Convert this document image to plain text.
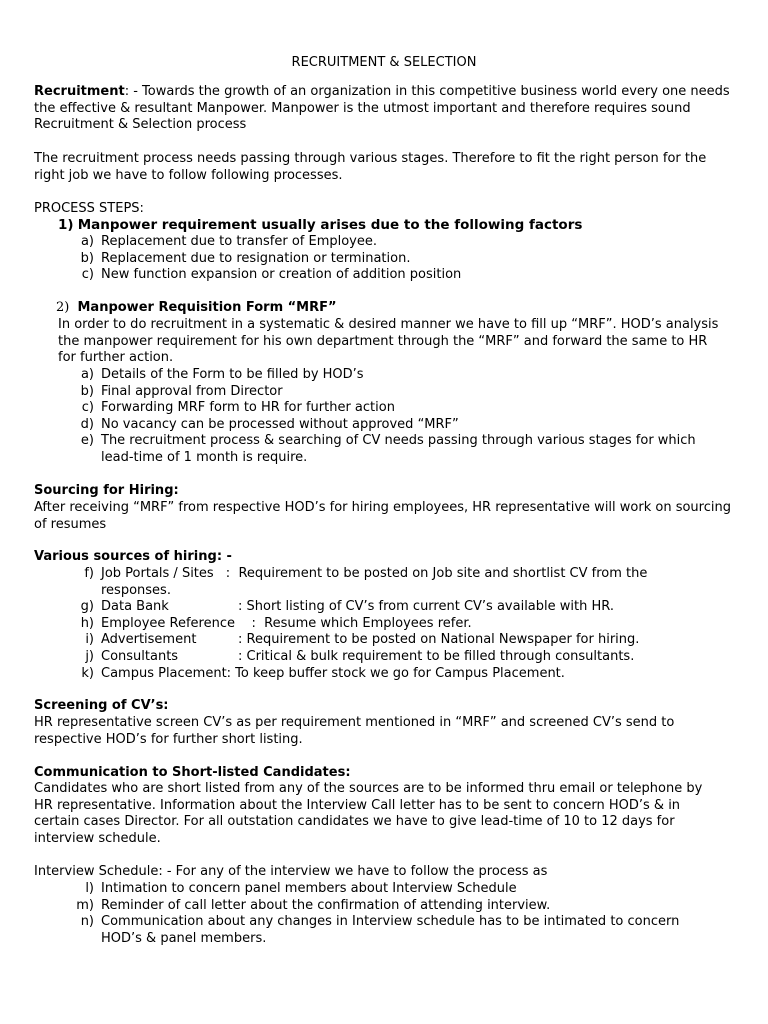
RECRUITMENT & SELECTION
Recruitment: - Towards the growth of an organization in this competitive business world every one needs the effective & resultant Manpower. Manpower is the utmost important and therefore requires sound Recruitment & Selection process
The recruitment process needs passing through various stages. Therefore to fit the right person for the right job we have to follow following processes.
PROCESS STEPS:
1) Manpower requirement usually arises due to the following factors
a) Replacement due to transfer of Employee.
b) Replacement due to resignation or termination.
c) New function expansion or creation of addition position
2) Manpower Requisition Form “MRF”
In order to do recruitment in a systematic & desired manner we have to fill up “MRF”. HOD’s analysis the manpower requirement for his own department through the “MRF” and forward the same to HR for further action.
a) Details of the Form to be filled by HOD’s
b) Final approval from Director
c) Forwarding MRF form to HR for further action
d) No vacancy can be processed without approved “MRF”
e) The recruitment process & searching of CV needs passing through various stages for which lead-time of 1 month is require.
Sourcing for Hiring:
After receiving “MRF” from respective HOD’s for hiring employees, HR representative will work on sourcing of resumes
Various sources of hiring: -
f) Job Portals / Sites :  Requirement to be posted on Job site and shortlist CV from the responses.
g) Data Bank	: Short listing of CV’s from current CV’s available with HR.
h) Employee Reference    :  Resume which Employees refer.
i) Advertisement	: Requirement to be posted on National Newspaper for hiring.
j) Consultants	: Critical & bulk requirement to be filled through consultants.
k) Campus Placement: To keep buffer stock we go for Campus Placement.
Screening of CV’s:
HR representative screen CV’s as per requirement mentioned in “MRF” and screened CV’s send to respective HOD’s for further short listing.
Communication to Short-listed Candidates:
Candidates who are short listed from any of the sources are to be informed thru email or telephone by HR representative. Information about the Interview Call letter has to be sent to concern HOD’s & in certain cases Director. For all outstation candidates we have to give lead-time of 10 to 12 days for interview schedule.
Interview Schedule: - For any of the interview we have to follow the process as
l) Intimation to concern panel members about Interview Schedule
m) Reminder of call letter about the confirmation of attending interview.
n) Communication about any changes in Interview schedule has to be intimated to concern HOD’s & panel members.
